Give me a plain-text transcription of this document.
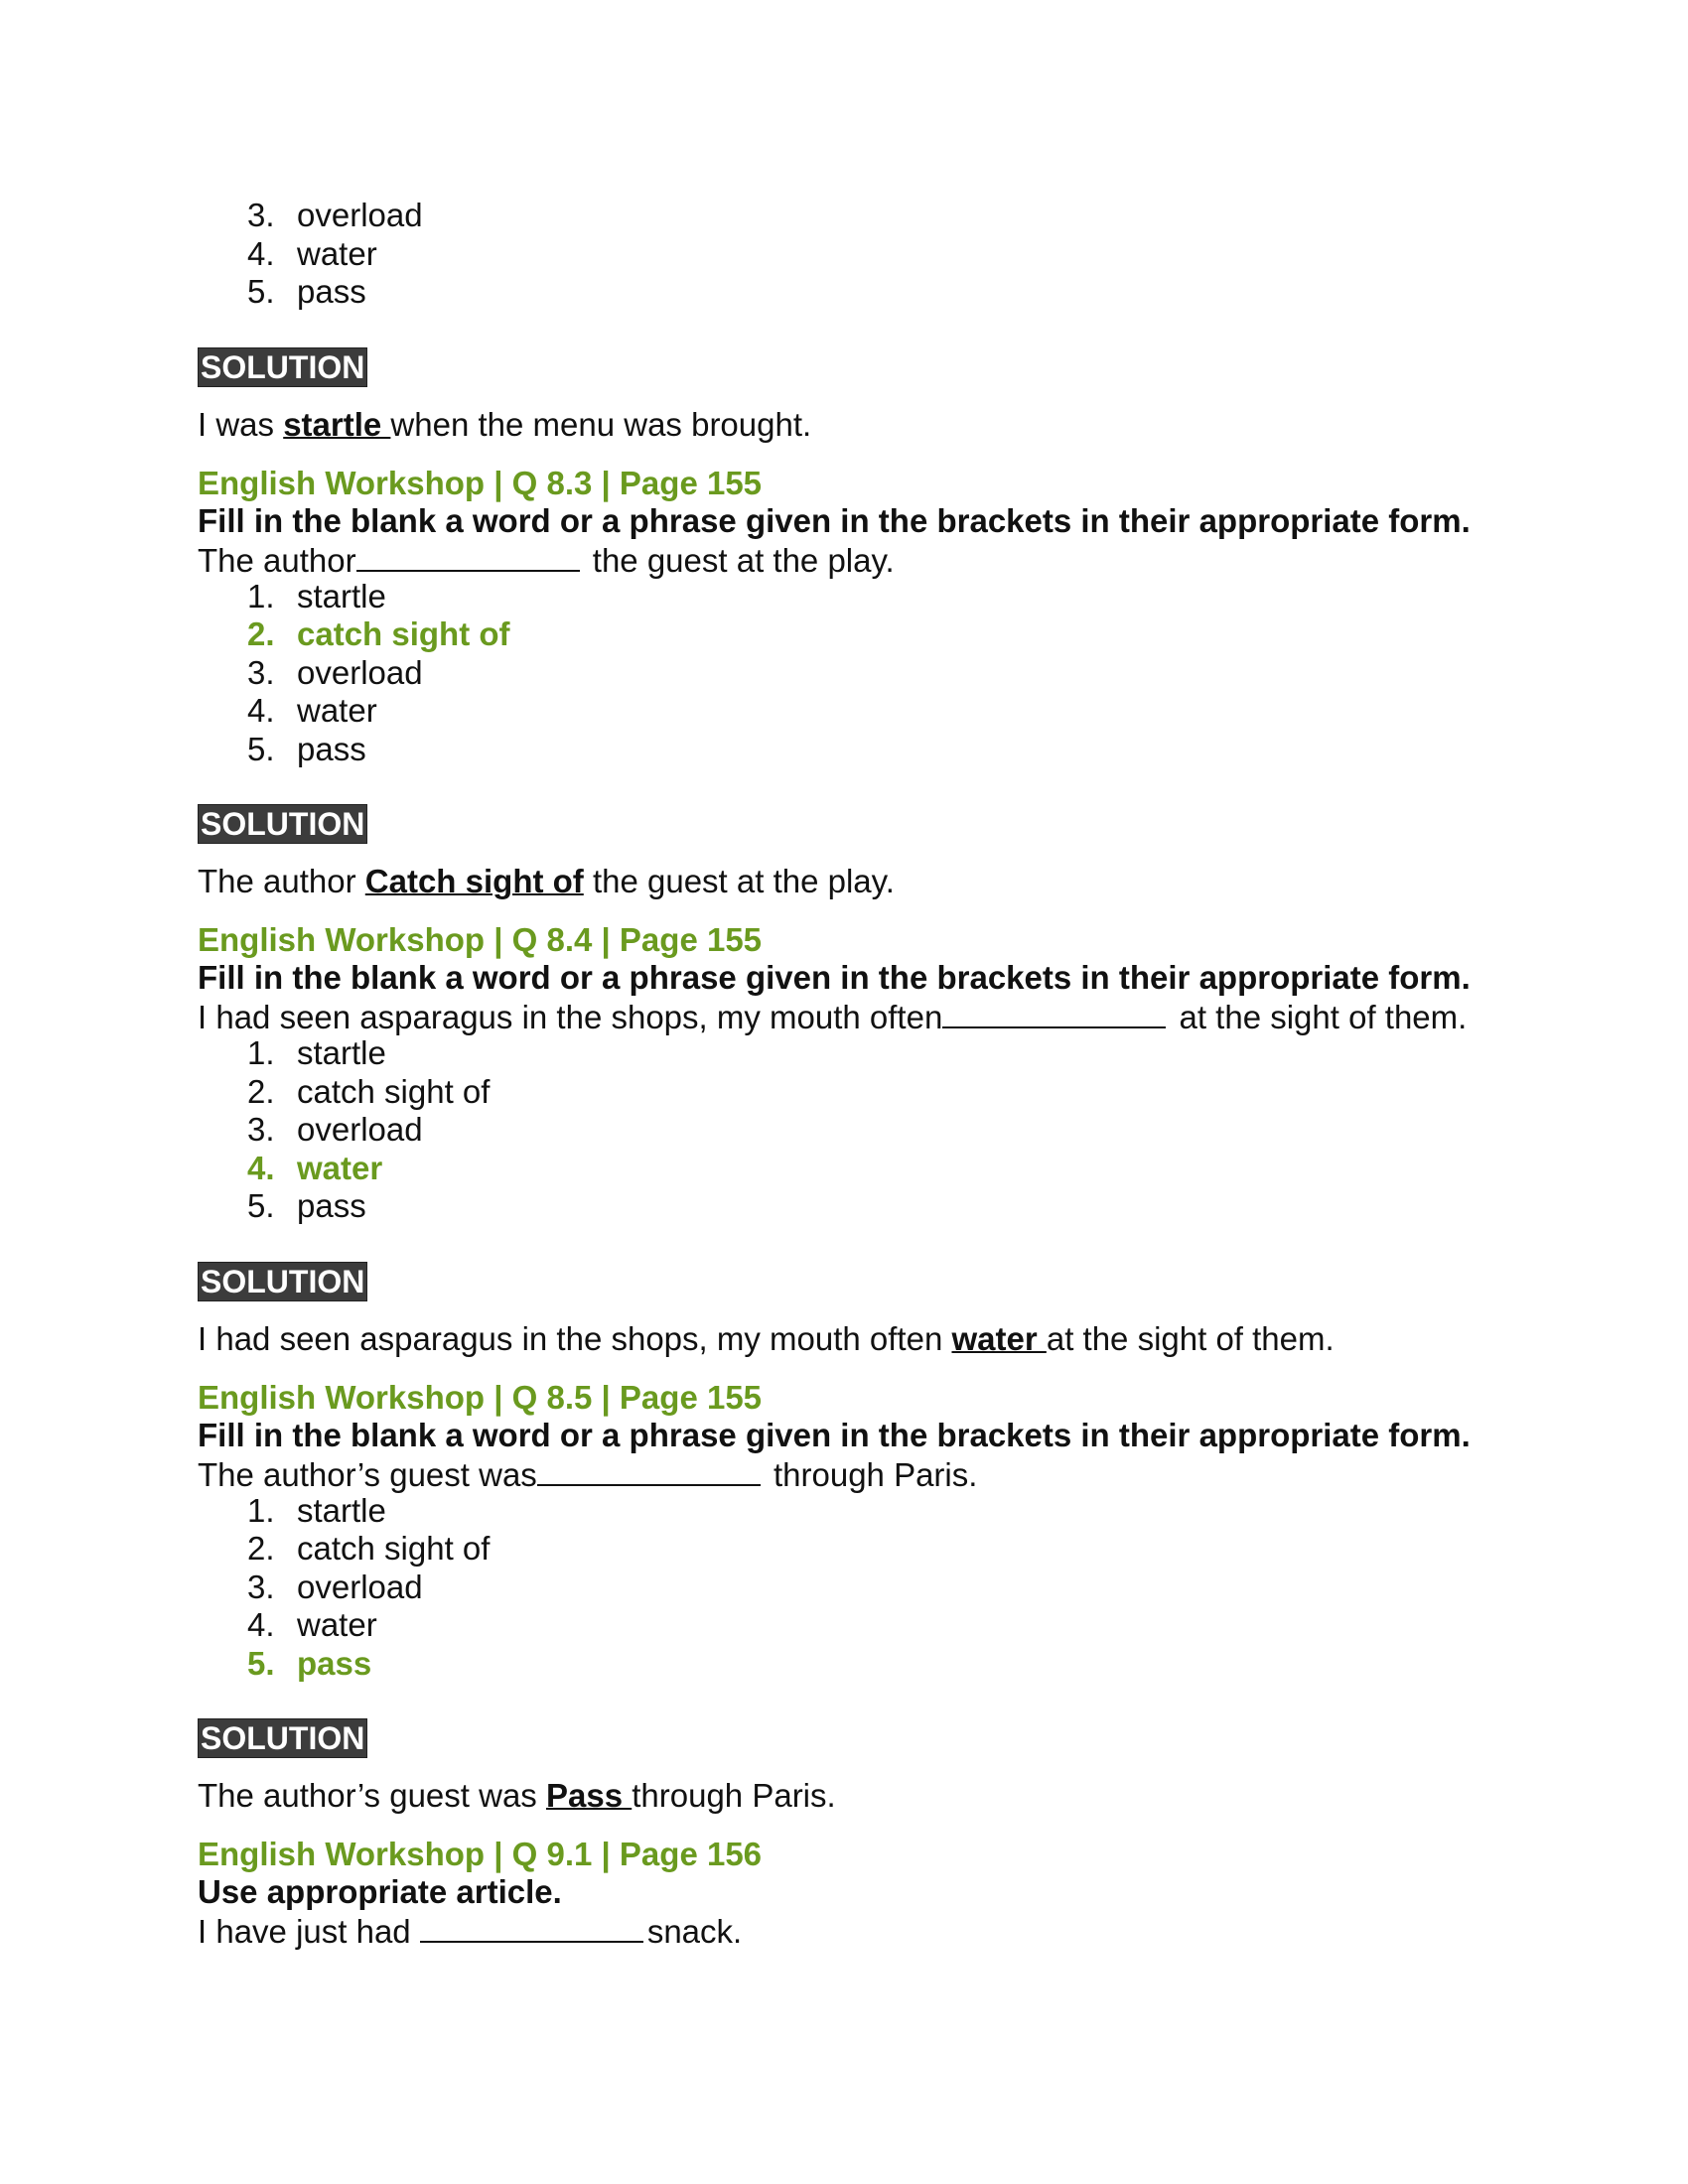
3. overload
4. water
5. pass
SOLUTION
I was startle when the menu was brought.
English Workshop | Q 8.3 | Page 155
Fill in the blank a word or a phrase given in the brackets in their appropriate form.
The author	the guest at the play.
1. startle
2. catch sight of
3. overload
4. water
5. pass
SOLUTION
The author Catch sight of the guest at the play.
English Workshop | Q 8.4 | Page 155
Fill in the blank a word or a phrase given in the brackets in their appropriate form.
I had seen asparagus in the shops, my mouth often	at the sight of them.
1. startle
2. catch sight of
3. overload
4. water
5. pass
SOLUTION
I had seen asparagus in the shops, my mouth often water at the sight of them.
English Workshop | Q 8.5 | Page 155
Fill in the blank a word or a phrase given in the brackets in their appropriate form.
The author’s guest was	through Paris.
1. startle
2. catch sight of
3. overload
4. water
5. pass
SOLUTION
The author’s guest was Pass through Paris.
English Workshop | Q 9.1 | Page 156
Use appropriate article.
I have just had	snack.
